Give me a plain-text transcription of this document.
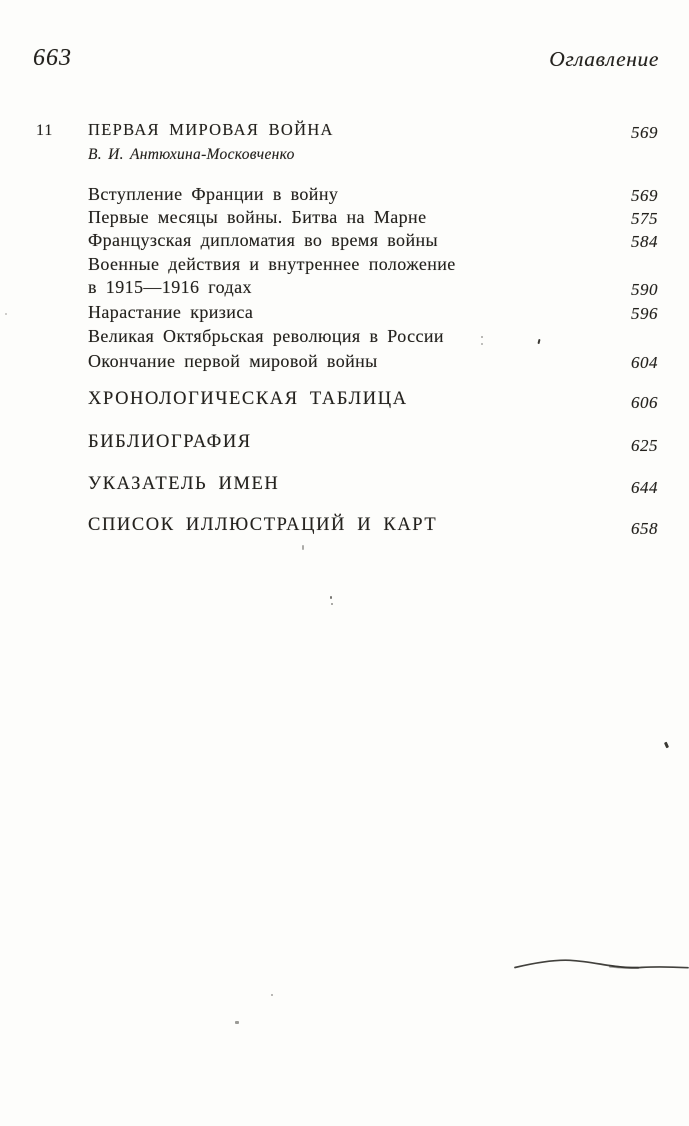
663	Оглавление
11 ПЕРВАЯ МИРОВАЯ ВОЙНА	569
В. И. Антюхина-Московченко
Вступление Франции в войну	569
Первые месяцы войны. Битва на Марне	575
Французская дипломатия во время войны	584
Военные действия и внутреннее положение
в 1915—1916 годах	590
Нарастание кризиса	596
Великая Октябрьская революция в России
Окончание первой мировой войны	604
ХРОНОЛОГИЧЕСКАЯ ТАБЛИЦА	606
БИБЛИОГРАФИЯ	625
УКАЗАТЕЛЬ ИМЕН	644
СПИСОК ИЛЛЮСТРАЦИЙ И КАРТ	658
